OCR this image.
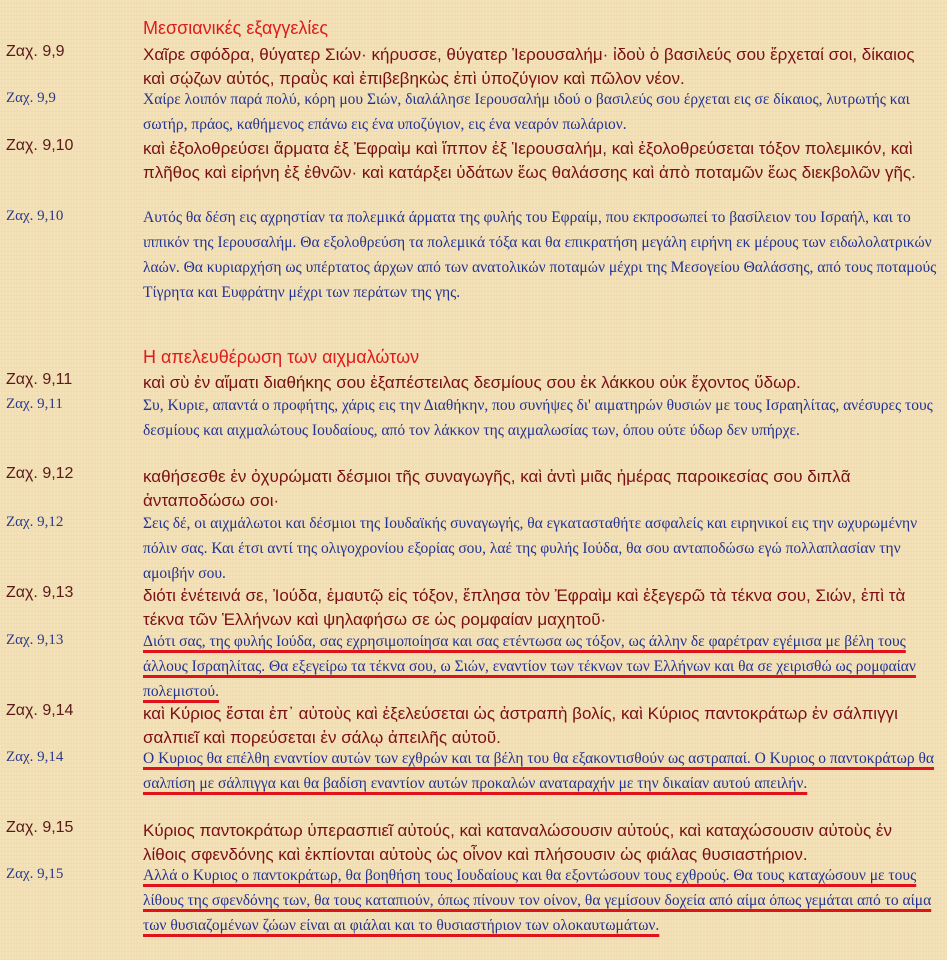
Μεσσιανικές εξαγγελίες
Ζαχ. 9,9	Χαῖρε σφόδρα, θύγατερ Σιών· κήρυσσε, θύγατερ Ἱερουσαλήμ· ἰδοὺ ὁ βασιλεύς σου ἔρχεταί σοι, δίκαιος καὶ σῴζων αὐτός, πραῢς καὶ ἐπιβεβηκὼς ἐπὶ ὑποζύγιον καὶ πῶλον νέον.

Ζαχ. 9,9	Χαίρε λοιπόν παρά πολύ, κόρη μου Σιών, διαλάλησε Ιερουσαλήμ ιδού ο βασιλεύς σου έρχεται εις σε δίκαιος, λυτρωτής και σωτήρ, πράος, καθήμενος επάνω εις ένα υποζύγιον, εις ένα νεαρόν πωλάριον.

Ζαχ. 9,10	καὶ ἐξολοθρεύσει ἅρματα ἐξ Ἐφραὶμ καὶ ἵππον ἐξ Ἱερουσαλήμ, καὶ ἐξολοθρεύσεται τόξον πολεμικόν, καὶ πλῆθος καὶ εἰρήνη ἐξ ἐθνῶν· καὶ κατάρξει ὑδάτων ἕως θαλάσσης καὶ ἀπὸ ποταμῶν ἕως διεκβολῶν γῆς.

Ζαχ. 9,10	Αυτός θα δέση εις αχρηστίαν τα πολεμικά άρματα της φυλής του Εφραίμ, που εκπροσωπεί το βασίλειον του Ισραήλ, και το ιππικόν της Ιερουσαλήμ. Θα εξολοθρεύση τα πολεμικά τόξα και θα επικρατήση μεγάλη ειρήνη εκ μέρους των ειδωλολατρικών λαών. Θα κυριαρχήση ως υπέρτατος άρχων από των ανατολικών ποταμών μέχρι της Μεσογείου Θαλάσσης, από τους ποταμούς Τίγρητα και Ευφράτην μέχρι των περάτων της γης.

Η απελευθέρωση των αιχμαλώτων
Ζαχ. 9,11	καὶ σὺ ἐν αἵματι διαθήκης σου ἐξαπέστειλας δεσμίους σου ἐκ λάκκου οὐκ ἔχοντος ὕδωρ.

Ζαχ. 9,11	Συ, Κυριε, απαντά ο προφήτης, χάρις εις την Διαθήκην, που συνήψες δι' αιματηρών θυσιών με τους Ισραηλίτας, ανέσυρες τους δεσμίους και αιχμαλώτους Ιουδαίους, από τον λάκκον της αιχμαλωσίας των, όπου ούτε ύδωρ δεν υπήρχε.

Ζαχ. 9,12	καθήσεσθε ἐν ὀχυρώματι δέσμιοι τῆς συναγωγῆς, καὶ ἀντὶ μιᾶς ἡμέρας παροικεσίας σου διπλᾶ ἀνταποδώσω σοι·

Ζαχ. 9,12	Σεις δέ, οι αιχμάλωτοι και δέσμιοι της Ιουδαϊκής συναγωγής, θα εγκατασταθήτε ασφαλείς και ειρηνικοί εις την ωχυρωμένην πόλιν σας. Και έτσι αντί της ολιγοχρονίου εξορίας σου, λαέ της φυλής Ιούδα, θα σου ανταποδώσω εγώ πολλαπλασίαν την αμοιβήν σου.

Ζαχ. 9,13	διότι ἐνέτεινά σε, Ἰούδα, ἑμαυτῷ εἰς τόξον, ἔπλησα τὸν Ἐφραὶμ καὶ ἐξεγερῶ τὰ τέκνα σου, Σιών, ἐπὶ τὰ τέκνα τῶν Ἑλλήνων καὶ ψηλαφήσω σε ὡς ρομφαίαν μαχητοῦ·

Ζαχ. 9,13	Διότι σας, της φυλής Ιούδα, σας εχρησιμοποίησα και σας ετέντωσα ως τόξον, ως άλλην δε φαρέτραν εγέμισα με βέλη τους άλλους Ισραηλίτας. Θα εξεγείρω τα τέκνα σου, ω Σιών, εναντίον των τέκνων των Ελλήνων και θα σε χειρισθώ ως ρομφαίαν πολεμιστού.

Ζαχ. 9,14	καὶ Κύριος ἔσται ἐπ᾿ αὐτοὺς καὶ ἐξελεύσεται ὡς ἀστραπὴ βολίς, καὶ Κύριος παντοκράτωρ ἐν σάλπιγγι σαλπιεῖ καὶ πορεύσεται ἐν σάλῳ ἀπειλῆς αὐτοῦ.

Ζαχ. 9,14	Ο Κυριος θα επέλθη εναντίον αυτών των εχθρών και τα βέλη του θα εξακοντισθούν ως αστραπαί. Ο Κυριος ο παντοκράτωρ θα σαλπίση με σάλπιγγα και θα βαδίση εναντίον αυτών προκαλών αναταραχήν με την δικαίαν αυτού απειλήν.

Ζαχ. 9,15	Κύριος παντοκράτωρ ὑπερασπιεῖ αὐτούς, καὶ καταναλώσουσιν αὐτούς, καὶ καταχώσουσιν αὐτοὺς ἐν λίθοις σφενδόνης καὶ ἐκπίονται αὐτοὺς ὡς οἶνον καὶ πλήσουσιν ὡς φιάλας θυσιαστήριον.

Ζαχ. 9,15	Αλλά ο Κυριος ο παντοκράτωρ, θα βοηθήση τους Ιουδαίους και θα εξοντώσουν τους εχθρούς. Θα τους καταχώσουν με τους λίθους της σφενδόνης των, θα τους καταπιούν, όπως πίνουν τον οίνον, θα γεμίσουν δοχεία από αίμα όπως γεμάται από το αίμα των θυσιαζομένων ζώων είναι αι φιάλαι και το θυσιαστήριον των ολοκαυτωμάτων.
